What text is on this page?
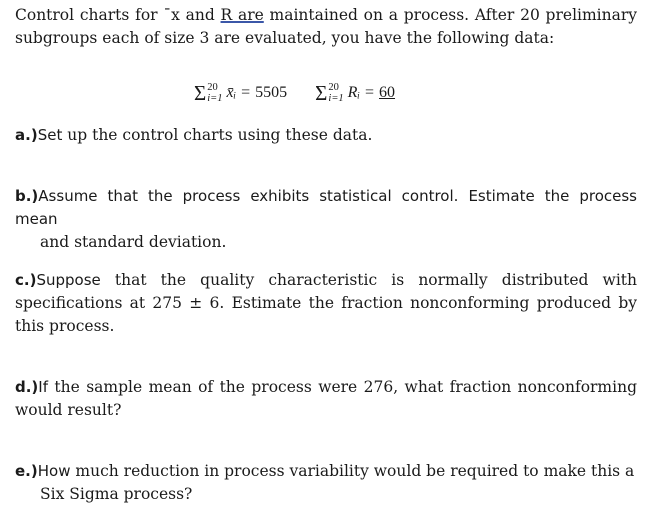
Control charts for ¯x and R are maintained on a process. After 20 preliminary subgroups each of size 3 are evaluated, you have the following data:
Σ 20
i=1 x̄ᵢ = 5505 Σ 20
i=1 Rᵢ = 60
a.)Set up the control charts using these data.
b.)Assume that the process exhibits statistical control. Estimate the process mean
and standard deviation.
c.)Suppose that the quality characteristic is normally distributed with specifications at 275 ± 6. Estimate the fraction nonconforming produced by this process.
d.)If the sample mean of the process were 276, what fraction nonconforming would result?
e.)How much reduction in process variability would be required to make this a
Six Sigma process?
